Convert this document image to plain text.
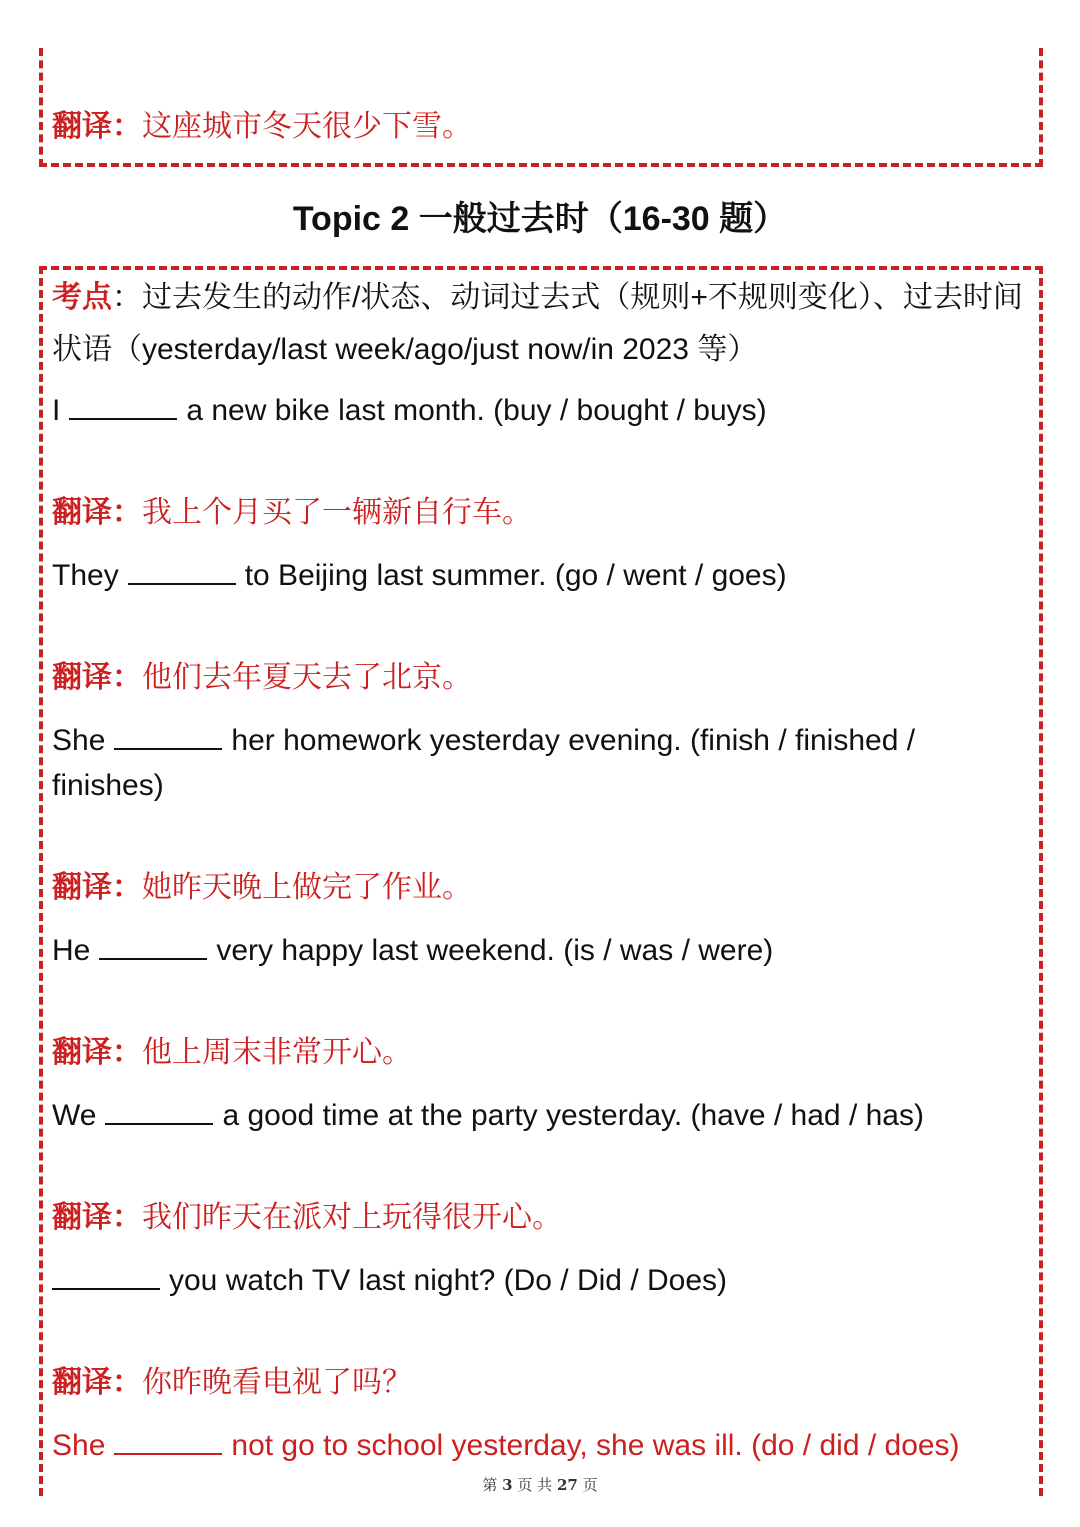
翻译：这座城市冬天很少下雪。

Topic 2 一般过去时（16-30 题）

考点：过去发生的动作/状态、动词过去式（规则+不规则变化）、过去时间状语（yesterday/last week/ago/just now/in 2023 等）

I	a new bike last month. (buy / bought / buys)

翻译：我上个月买了一辆新自行车。

They	to Beijing last summer. (go / went / goes)

翻译：他们去年夏天去了北京。

She	her homework yesterday evening. (finish / finished /

finishes)

翻译：她昨天晚上做完了作业。

He	very happy last weekend. (is / was / were)

翻译：他上周末非常开心。

We	a good time at the party yesterday. (have / had / has)

翻译：我们昨天在派对上玩得很开心。

you watch TV last night? (Do / Did / Does)

翻译：你昨晚看电视了吗？

She	not go to school yesterday, she was ill. (do / did / does)

第 3 页 共 27 页
